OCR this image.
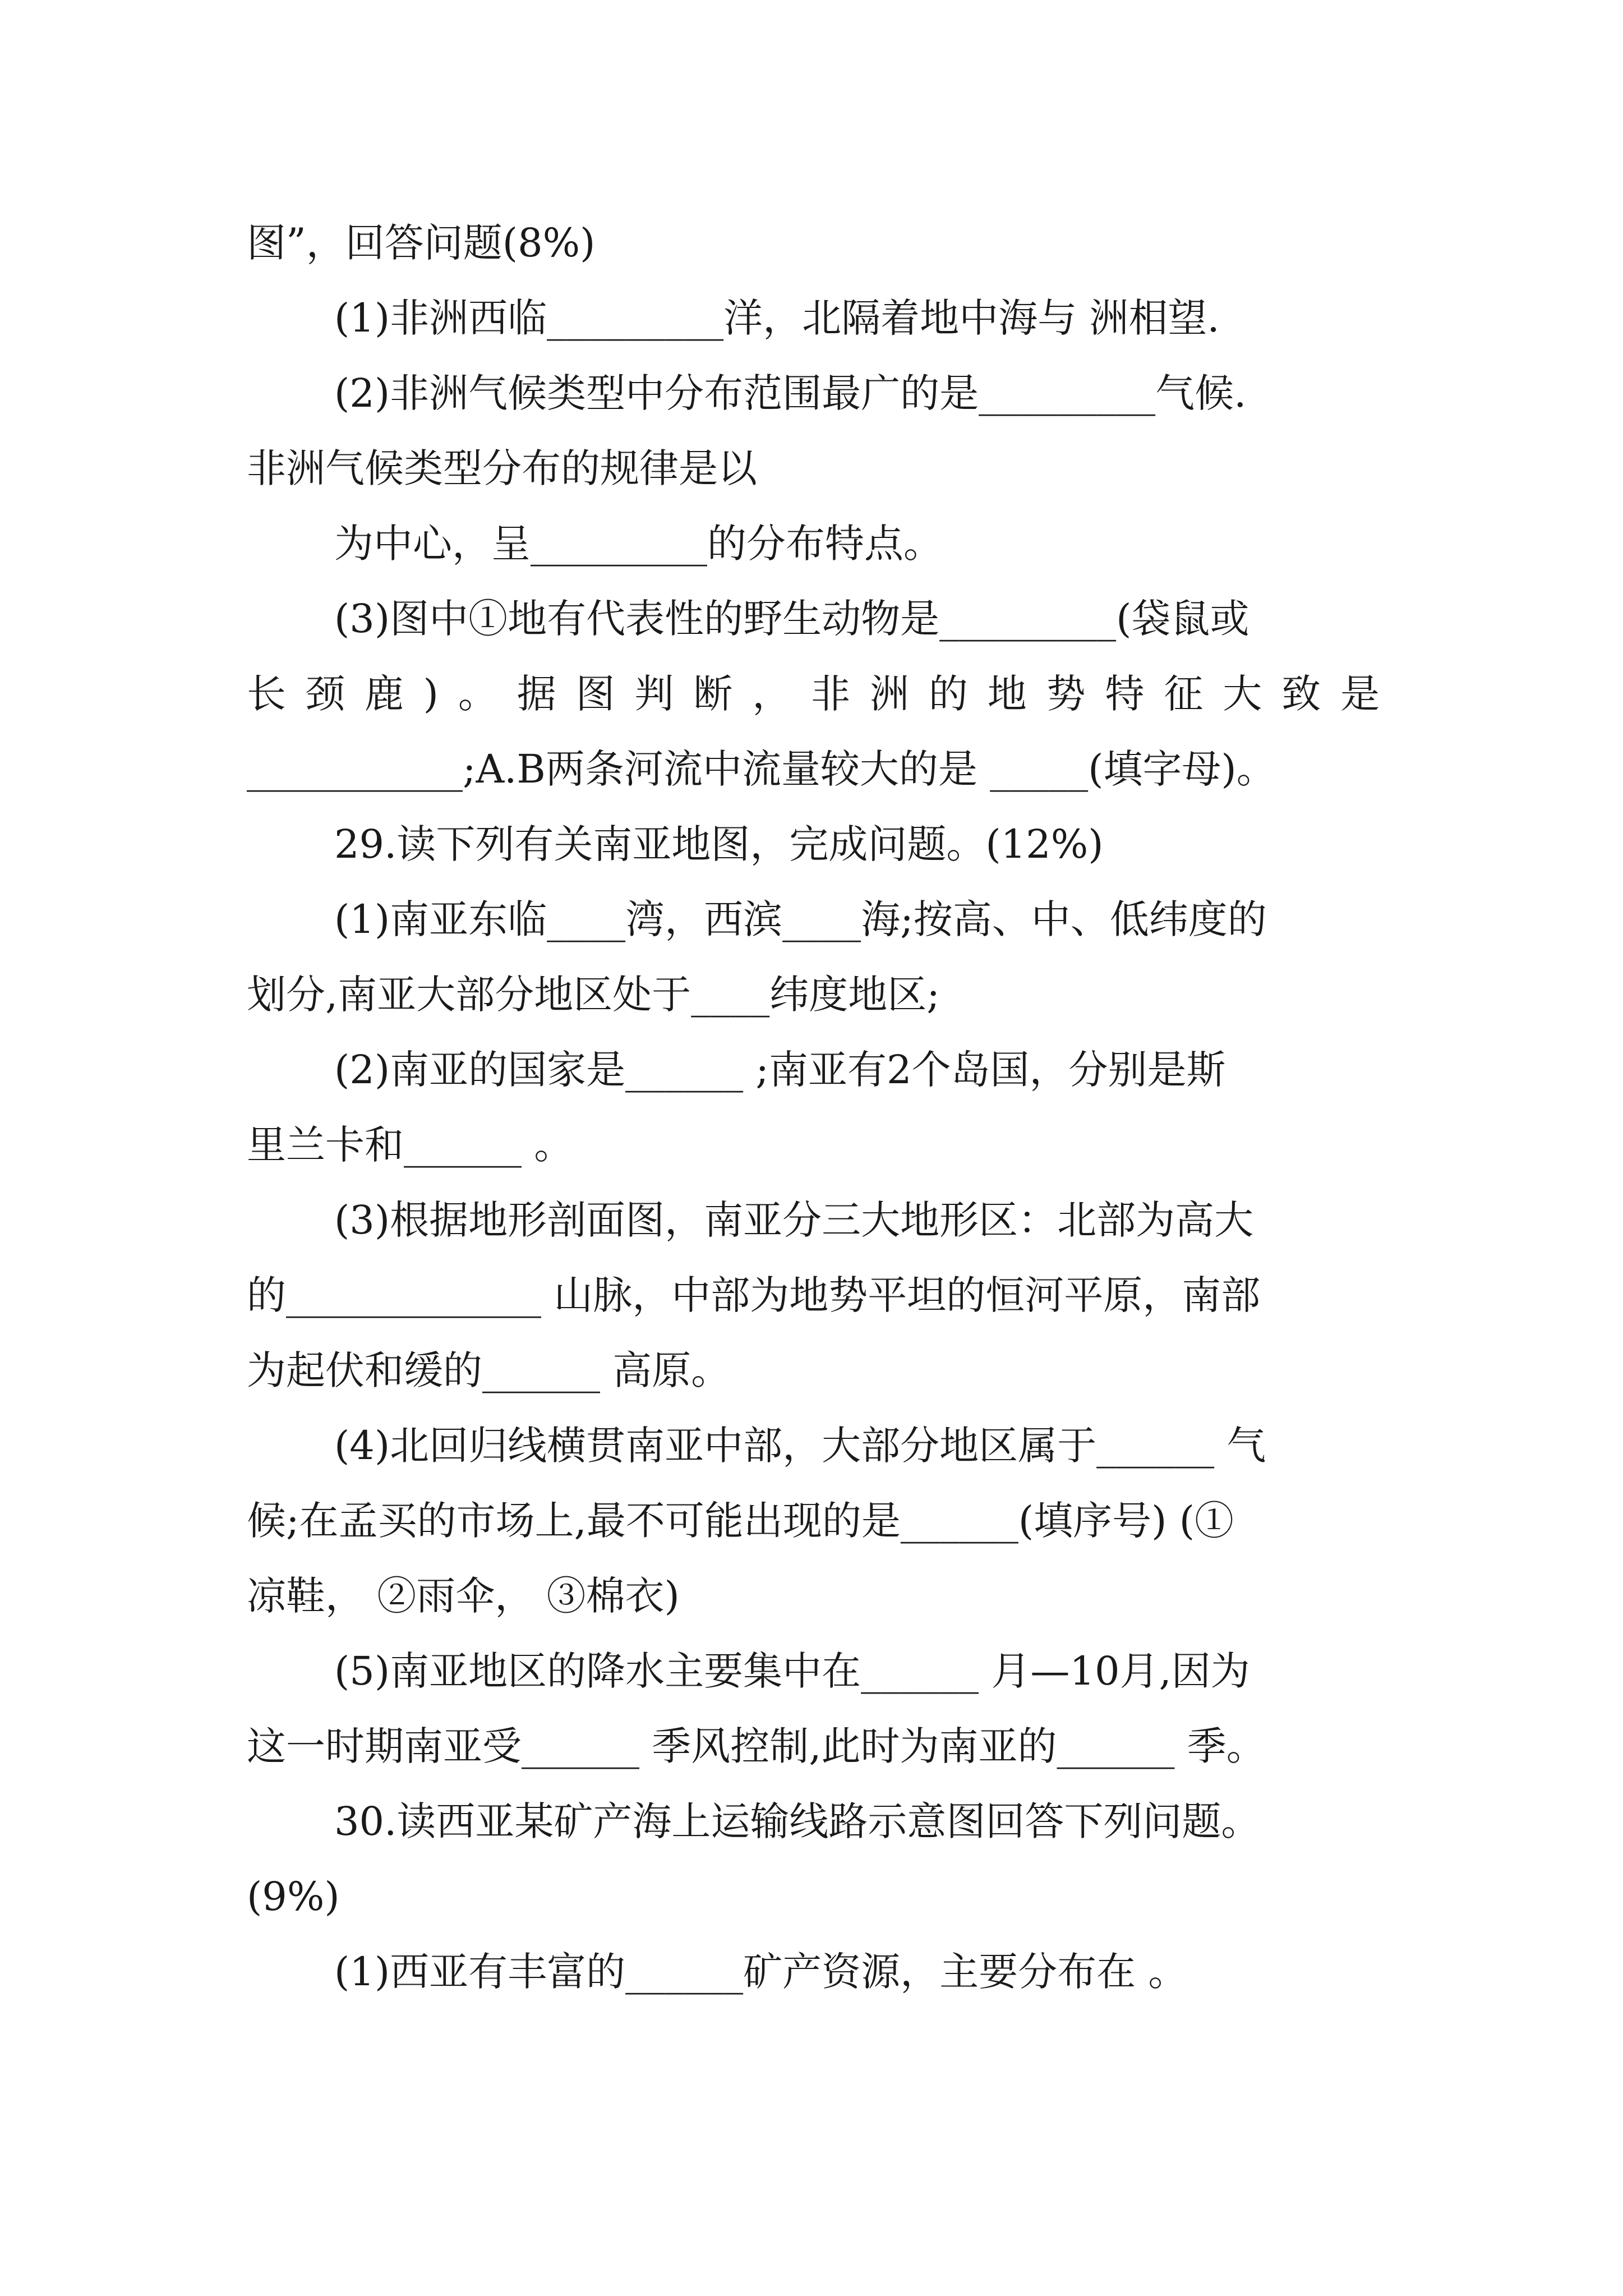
图”，回答问题(8%)
(1)非洲西临_________洋，北隔着地中海与 洲相望.
(2)非洲气候类型中分布范围最广的是_________气候.
非洲气候类型分布的规律是以
为中心，呈_________的分布特点。
(3)图中①地有代表性的野生动物是_________(袋鼠或
长颈鹿)。据图判断，非洲的地势特征大致是
___________;A.B两条河流中流量较大的是 _____(填字母)。
29.读下列有关南亚地图，完成问题。(12%)
(1)南亚东临____湾，西滨____海;按高、中、低纬度的
划分,南亚大部分地区处于____纬度地区;
(2)南亚的国家是______ ;南亚有2个岛国，分别是斯
里兰卡和______ 。
(3)根据地形剖面图，南亚分三大地形区：北部为高大
的_____________ 山脉，中部为地势平坦的恒河平原，南部
为起伏和缓的______ 高原。
(4)北回归线横贯南亚中部，大部分地区属于______ 气
候;在孟买的市场上,最不可能出现的是______(填序号) (①
凉鞋， ②雨伞， ③棉衣)
(5)南亚地区的降水主要集中在______ 月—10月,因为
这一时期南亚受______ 季风控制,此时为南亚的______ 季。
30.读西亚某矿产海上运输线路示意图回答下列问题。
(9%)
(1)西亚有丰富的______矿产资源，主要分布在 。
